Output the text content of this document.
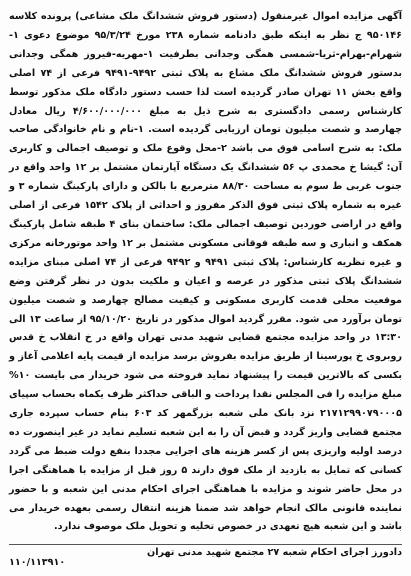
آگهی مزایده اموال غیرمنقول (دستور فروش ششدانگ ملک مشاعی) پرونده کلاسه ۹۵۰۱۴۶ ج نظر به اینکه طبق دادنامه شماره ۲۳۸ مورخ ۹۵/۳/۲۴ موضوع دعوی ۱-شهرام-بهرام-ثریا-شمسی همگی وجدانی بطرفیت ۱-مهریه-فیروز همگی وجدانی بدستور فروش ششدانگ ملک مشاع به پلاک ثبتی ۹۴۹۲-۹۴۹۱ فرعی از ۷۴ اصلی واقع بخش ۱۱ تهران صادر گردیده است لذا حسب دستور دادگاه ملک مذکور توسط کارشناس رسمی دادگستری به شرح ذیل به مبلغ ۴/۶۰۰/۰۰۰/۰۰۰ ریال معادل چهارصد و شصت میلیون تومان ارزیابی گردیده است. ۱-نام و نام خانوادگی صاحب ملک: به شرح اسامی فوق می باشد ۲-محل وقوع ملک و توصیف اجمالی و کاربری آن: گیشا خ محمدی پ ۵۶ ششدانگ یک دستگاه آپارتمان مشتمل بر ۱۲ واحد واقع در جنوب غربی ط سوم به مساحت ۸۸/۳۰ مترمربع با بالکن و دارای پارکینگ شماره ۳ و غیره به شماره پلاک ثبتی فوق الذکر مفروز و احداثی از پلاک ۱۵۴۲ فرعی از اصلی واقع در اراضی خوردین توصیف اجمالی ملک: ساختمان بنای ۴ طبقه شامل پارکینگ همکف و انباری و سه طبقه فوقانی مسکونی مشتمل بر ۱۲ واحد موتورخانه مرکزی و غیره نظریه کارشناس: پلاک ثبتی ۹۴۹۱ و ۹۴۹۲ فرعی از ۷۴ اصلی مبنای مزایده ششدانگ پلاک ثبتی مذکور در عرصه و اعیان و ملکیت بدون در نظر گرفتن وضع موقعیت محلی قدمت کاربری مسکونی و کیفیت مصالح چهارصد و شصت میلیون تومان برآورد می شود. مقرر گردید اموال مذکور در تاریخ ۹۵/۱۰/۲۰ از ساعت ۱۳ الی ۱۳:۳۰ در واحد مزایده مجتمع قضایی شهید مدنی تهران واقع در خ انقلاب خ قدس روبروی خ پورسینا از طریق مزایده بفروش برسد مزایده از قیمت پایه اعلامی آغاز و بکسی که بالاترین قیمت را پیشنهاد نماید فروخته می شود خریدار می بایست ۱۰% مبلغ مزایده را فی المجلس نقدا پرداخت و الباقی حداکثر ظرف یکماه بحساب سپیای ۲۱۷۱۲۹۹۰۷۹۰۰۰۵ نزد بانک ملی شعبه بزرگمهر کد ۶۰۳ بنام حساب سپرده جاری مجتمع قضایی واریز گردد و قبض آن را به این شعبه تسلیم نماید در غیر اینصورت ده درصد اولیه واریزی پس از کسر هزینه های اجرایی مجددا بنفع دولت ضبط می گردد کسانی که تمایل به بازدید از ملک فوق دارند ۵ روز قبل از مزایده با هماهنگی اجرا در محل حاضر شوند و مزایده با هماهنگی اجرای احکام مدنی این شعبه و با حضور نماینده قانونی مالک انجام خواهد شد ضمنا هزینه انتقال رسمی بعهده خریدار می باشد و این شعبه هیچ تعهدی در خصوص تخلیه و تحویل ملک موصوف ندارد.

دادورز اجرای احکام شعبه ۲۷ مجتمع شهید مدنی تهران
۱۱۰/۱۱۳۹۱۰
